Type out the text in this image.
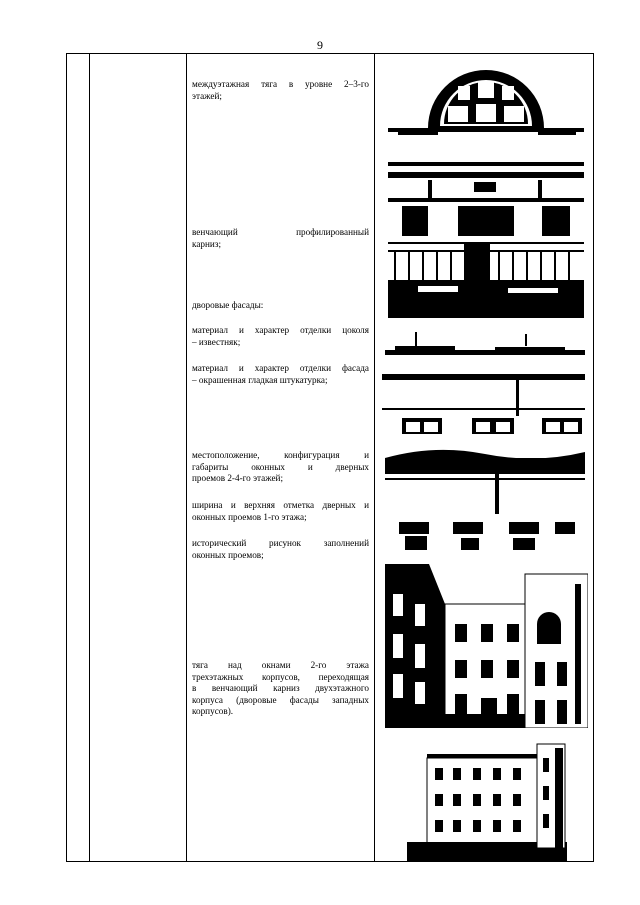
9
междуэтажная тяга в уровне 2–3-го
этажей;
венчающий профилированный
карниз;
дворовые фасады:
материал и характер отделки цоколя
– известняк;
материал и характер отделки фасада
– окрашенная гладкая штукатурка;
местоположение, конфигурация и
габариты оконных и дверных
проемов 2-4-го этажей;
ширина и верхняя отметка дверных и
оконных проемов 1-го этажа;
исторический рисунок заполнений
оконных проемов;
тяга над окнами 2-го этажа
трехэтажных корпусов, переходящая
в венчающий карниз двухэтажного
корпуса (дворовые фасады западных
корпусов).
